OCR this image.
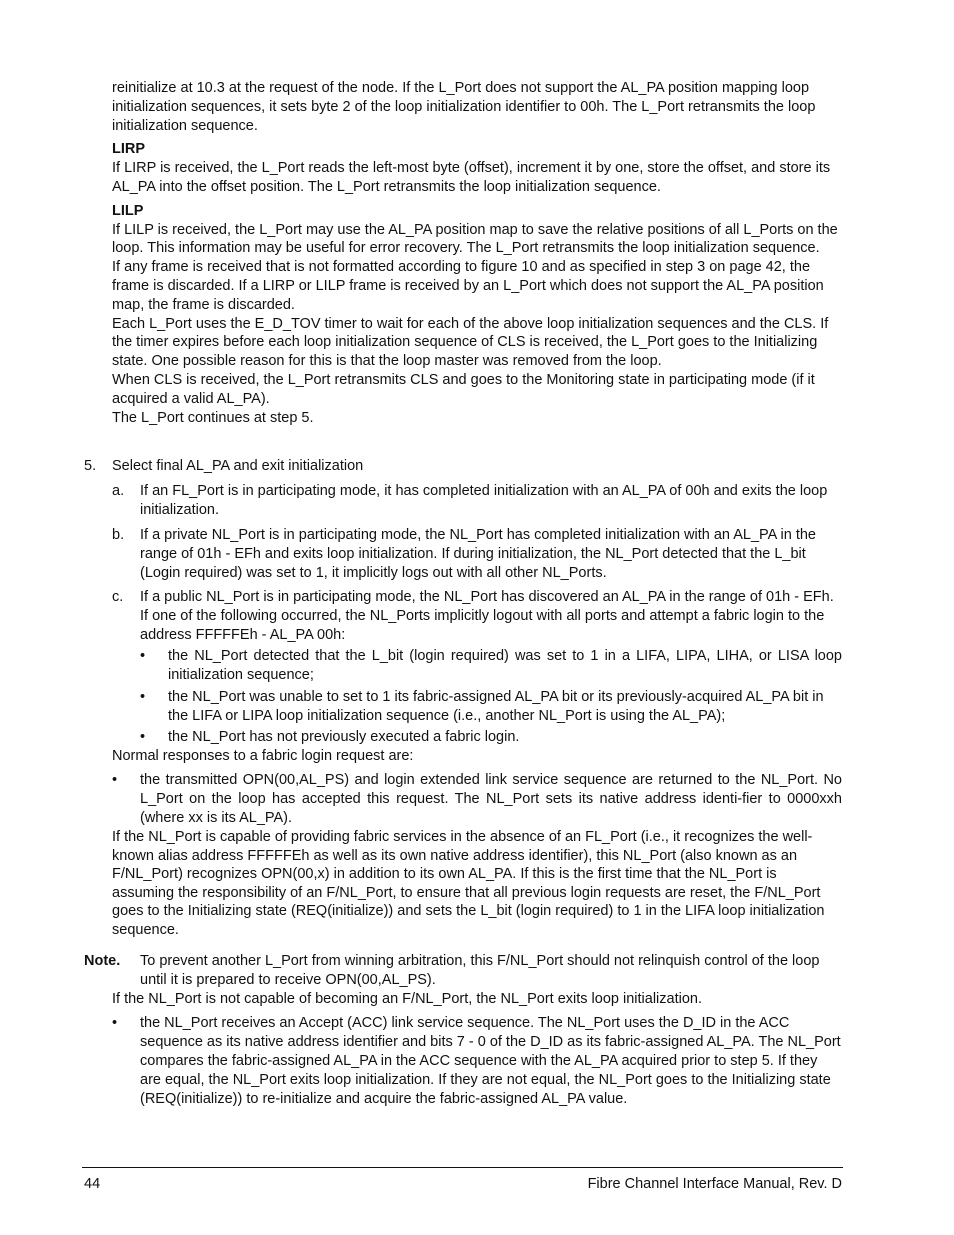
reinitialize at 10.3 at the request of the node. If the L_Port does not support the AL_PA position mapping loop initialization sequences, it sets byte 2 of the loop initialization identifier to 00h. The L_Port retransmits the loop initialization sequence.

LIRP

If LIRP is received, the L_Port reads the left-most byte (offset), increment it by one, store the offset, and store its AL_PA into the offset position. The L_Port retransmits the loop initialization sequence.

LILP

If LILP is received, the L_Port may use the AL_PA position map to save the relative positions of all L_Ports on the loop. This information may be useful for error recovery. The L_Port retransmits the loop initialization sequence.

If any frame is received that is not formatted according to figure 10 and as specified in step 3 on page 42, the frame is discarded. If a LIRP or LILP frame is received by an L_Port which does not support the AL_PA position map, the frame is discarded.

Each L_Port uses the E_D_TOV timer to wait for each of the above loop initialization sequences and the CLS. If the timer expires before each loop initialization sequence of CLS is received, the L_Port goes to the Initializing state. One possible reason for this is that the loop master was removed from the loop.

When CLS is received, the L_Port retransmits CLS and goes to the Monitoring state in participating mode (if it acquired a valid AL_PA).

The L_Port continues at step 5.

5. Select final AL_PA and exit initialization
a. If an FL_Port is in participating mode, it has completed initialization with an AL_PA of 00h and exits the loop initialization.

b. If a private NL_Port is in participating mode, the NL_Port has completed initialization with an AL_PA in the range of 01h - EFh and exits loop initialization. If during initialization, the NL_Port detected that the L_bit (Login required) was set to 1, it implicitly logs out with all other NL_Ports.

c. If a public NL_Port is in participating mode, the NL_Port has discovered an AL_PA in the range of 01h - EFh. If one of the following occurred, the NL_Ports implicitly logout with all ports and attempt a fabric login to the address FFFFFEh - AL_PA 00h:

• the NL_Port detected that the L_bit (login required) was set to 1 in a LIFA, LIPA, LIHA, or LISA loop initialization sequence;

• the NL_Port was unable to set to 1 its fabric-assigned AL_PA bit or its previously-acquired AL_PA bit in the LIFA or LIPA loop initialization sequence (i.e., another NL_Port is using the AL_PA);

• the NL_Port has not previously executed a fabric login.

Normal responses to a fabric login request are:

• the transmitted OPN(00,AL_PS) and login extended link service sequence are returned to the NL_Port. No L_Port on the loop has accepted this request. The NL_Port sets its native address identi-fier to 0000xxh (where xx is its AL_PA).

If the NL_Port is capable of providing fabric services in the absence of an FL_Port (i.e., it recognizes the well-known alias address FFFFFEh as well as its own native address identifier), this NL_Port (also known as an F/NL_Port) recognizes OPN(00,x) in addition to its own AL_PA. If this is the first time that the NL_Port is assuming the responsibility of an F/NL_Port, to ensure that all previous login requests are reset, the F/NL_Port goes to the Initializing state (REQ(initialize)) and sets the L_bit (login required) to 1 in the LIFA loop initialization sequence.

Note. To prevent another L_Port from winning arbitration, this F/NL_Port should not relinquish control of the loop until it is prepared to receive OPN(00,AL_PS).

If the NL_Port is not capable of becoming an F/NL_Port, the NL_Port exits loop initialization.

• the NL_Port receives an Accept (ACC) link service sequence. The NL_Port uses the D_ID in the ACC sequence as its native address identifier and bits 7 - 0 of the D_ID as its fabric-assigned AL_PA. The NL_Port compares the fabric-assigned AL_PA in the ACC sequence with the AL_PA acquired prior to step 5. If they are equal, the NL_Port exits loop initialization. If they are not equal, the NL_Port goes to the Initializing state (REQ(initialize)) to re-initialize and acquire the fabric-assigned AL_PA value.

44	Fibre Channel Interface Manual, Rev. D
